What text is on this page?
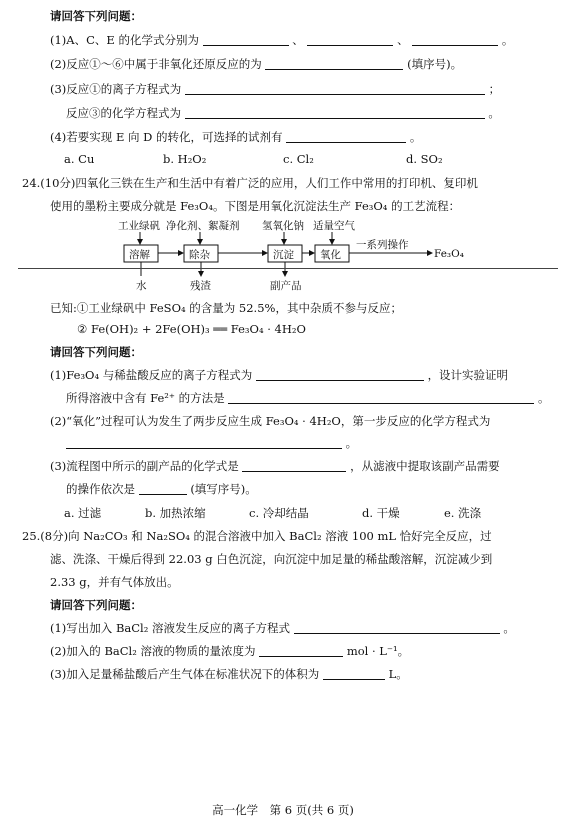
请回答下列问题：
(1)A、C、E 的化学式分别为	、	、	。
(2)反应①～⑥中属于非氧化还原反应的为	(填序号)。
(3)反应①的离子方程式为	；
反应③的化学方程式为	。
(4)若要实现 E 向 D 的转化，可选择的试剂有	。
a. Cu	b. H₂O₂	c. Cl₂	d. SO₂
24.(10分)四氧化三铁在生产和生活中有着广泛的应用，人们工作中常用的打印机、复印机
使用的墨粉主要成分就是 Fe₃O₄。下图是用氧化沉淀法生产 Fe₃O₄ 的工艺流程：
工业绿矾 净化剂、絮凝剂 氢氧化钠 适量空气
溶解	除杂	沉淀 氧化
一系列操作
Fe₃O₄
水	残渣	副产品
已知:①工业绿矾中 FeSO₄ 的含量为 52.5%，其中杂质不参与反应；
② Fe(OH)₂ + 2Fe(OH)₃ ══ Fe₃O₄ · 4H₂O
请回答下列问题：
(1)Fe₃O₄ 与稀盐酸反应的离子方程式为	，设计实验证明
所得溶液中含有 Fe²⁺ 的方法是	。
(2)“氧化”过程可认为发生了两步反应生成 Fe₃O₄ · 4H₂O，第一步反应的化学方程式为
。
(3)流程图中所示的副产品的化学式是	，从滤液中提取该副产品需要
的操作依次是	(填写序号)。
a. 过滤	b. 加热浓缩	c. 冷却结晶	d. 干燥	e. 洗涤
25.(8分)向 Na₂CO₃ 和 Na₂SO₄ 的混合溶液中加入 BaCl₂ 溶液 100 mL 恰好完全反应，过
滤、洗涤、干燥后得到 22.03 g 白色沉淀，向沉淀中加足量的稀盐酸溶解，沉淀减少到
2.33 g，并有气体放出。
请回答下列问题：
(1)写出加入 BaCl₂ 溶液发生反应的离子方程式	。
(2)加入的 BaCl₂ 溶液的物质的量浓度为	mol · L⁻¹。
(3)加入足量稀盐酸后产生气体在标准状况下的体积为	L。
高一化学　第 6 页(共 6 页)
